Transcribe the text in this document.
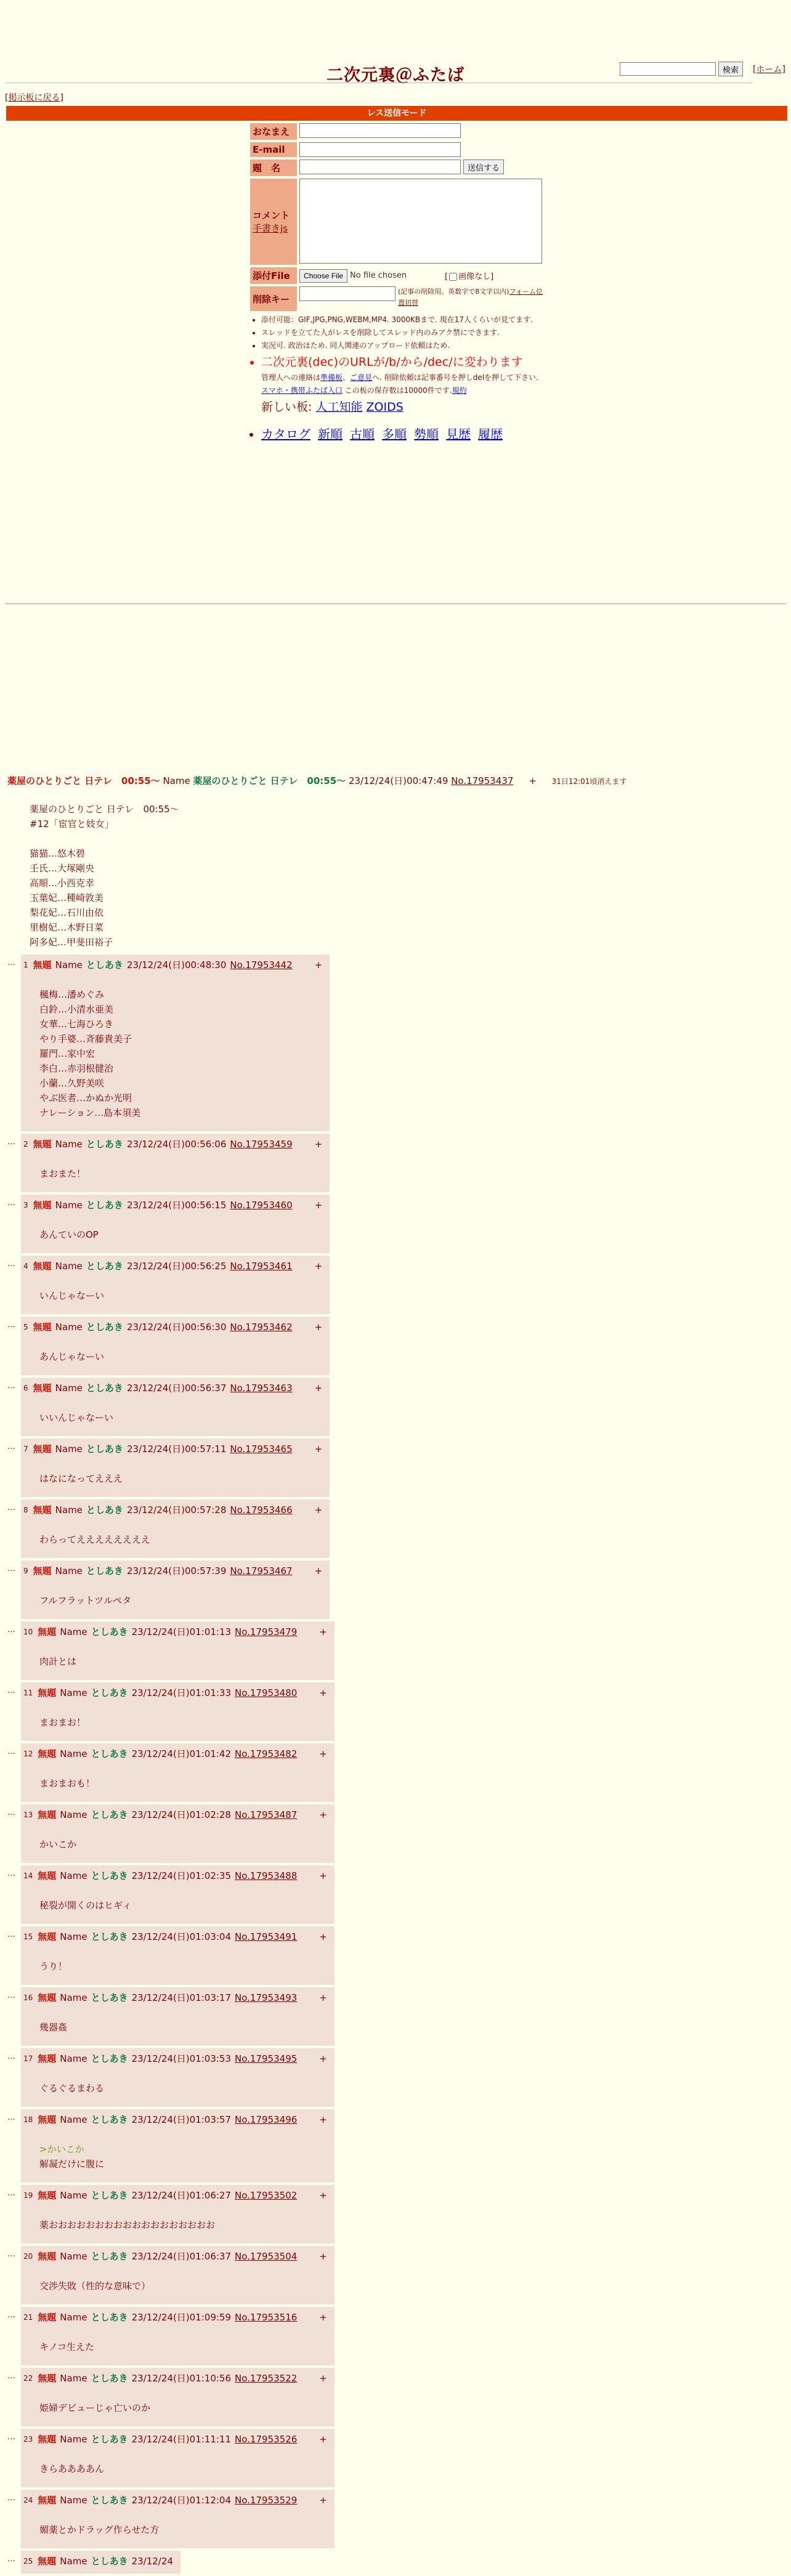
二次元裏＠ふたば	検索	[ホーム]
[掲示板に戻る]
レス送信モード
おなまえ
E-mail
題　名	送信する
コメント
手書きjs
添付File	Choose File No file chosen	[ 画像なし]
削除キー
(記事の削除用。英数字で8文字以内)フォーム位置切替
• 添付可能：GIF,JPG,PNG,WEBM,MP4. 3000KBまで. 現在17人くらいが見てます.
• スレッドを立てた人がレスを削除してスレッド内のみアク禁にできます.
• 実況可. 政治ほため. 同人関連のアップロード依頼はため.
• 二次元裏(dec)のURLが/b/から/dec/に変わります
管理人への連絡は準備板、ご意見へ. 削除依頼は記事番号を押しdelを押して下さい.
スマホ・携帯ふたば入口 この板の保存数は10000件です.規約
新しい板: 人工知能 ZOIDS
• カタログ 新順 古順 多順 勢順 見歴 履歴
薬屋のひとりごと 日テレ　00:55〜 Name 薬屋のひとりごと 日テレ　00:55〜 23/12/24(日)00:47:49 No.17953437 + 31日12:01頃消えます
薬屋のひとりごと 日テレ　00:55〜
#12「宦官と妓女」
猫猫…悠木碧
壬氏…大塚剛央
高順…小西克幸
玉葉妃…種崎敦美
梨花妃…石川由依
里樹妃…木野日菜
阿多妃…甲斐田裕子
…	1 無題 Name としあき 23/12/24(日)00:48:30 No.17953442 +
楓梅…潘めぐみ
白鈴…小清水亜美
女華…七海ひろき
やり手婆…斉藤貴美子
羅門…家中宏
李白…赤羽根健治
小蘭…久野美咲
やぶ医者…かぬか光明
ナレーション…島本須美
…	2 無題 Name としあき 23/12/24(日)00:56:06 No.17953459 +
まおまた！
…	3 無題 Name としあき 23/12/24(日)00:56:15 No.17953460 +
あんていのOP
…	4 無題 Name としあき 23/12/24(日)00:56:25 No.17953461 +
いんじゃなーい
…	5 無題 Name としあき 23/12/24(日)00:56:30 No.17953462 +
あんじゃなーい
…	6 無題 Name としあき 23/12/24(日)00:56:37 No.17953463 +
いいんじゃなーい
…	7 無題 Name としあき 23/12/24(日)00:57:11 No.17953465 +
はなになってえええ
…	8 無題 Name としあき 23/12/24(日)00:57:28 No.17953466 +
わらってええええええええ
…	9 無題 Name としあき 23/12/24(日)00:57:39 No.17953467 +
フルフラットツルペタ
…	10 無題 Name としあき 23/12/24(日)01:01:13 No.17953479 +
肉計とは
…	11 無題 Name としあき 23/12/24(日)01:01:33 No.17953480 +
まおまお！
…	12 無題 Name としあき 23/12/24(日)01:01:42 No.17953482 +
まおまおも！
…	13 無題 Name としあき 23/12/24(日)01:02:28 No.17953487 +
かいこか
…	14 無題 Name としあき 23/12/24(日)01:02:35 No.17953488 +
秘裂が開くのはヒギィ
…	15 無題 Name としあき 23/12/24(日)01:03:04 No.17953491 +
うり！
…	16 無題 Name としあき 23/12/24(日)01:03:17 No.17953493 +
幾器姦
…	17 無題 Name としあき 23/12/24(日)01:03:53 No.17953495 +
ぐるぐるまわる
…	18 無題 Name としあき 23/12/24(日)01:03:57 No.17953496 +
>かいこか
解凝だけに腹に
…	19 無題 Name としあき 23/12/24(日)01:06:27 No.17953502 +
薬おおおおおおおおおおおおおおおおおお
…	20 無題 Name としあき 23/12/24(日)01:06:37 No.17953504 +
交渉失敗（性的な意味で）
…	21 無題 Name としあき 23/12/24(日)01:09:59 No.17953516 +
キノコ生えた
…	22 無題 Name としあき 23/12/24(日)01:10:56 No.17953522 +
姫婦デビューじゃ亡いのか
…	23 無題 Name としあき 23/12/24(日)01:11:11 No.17953526 +
きらああああん
…	24 無題 Name としあき 23/12/24(日)01:12:04 No.17953529 +
媚薬とかドラッグ作らせた方
…	25 無題 Name としあき 23/12/24
